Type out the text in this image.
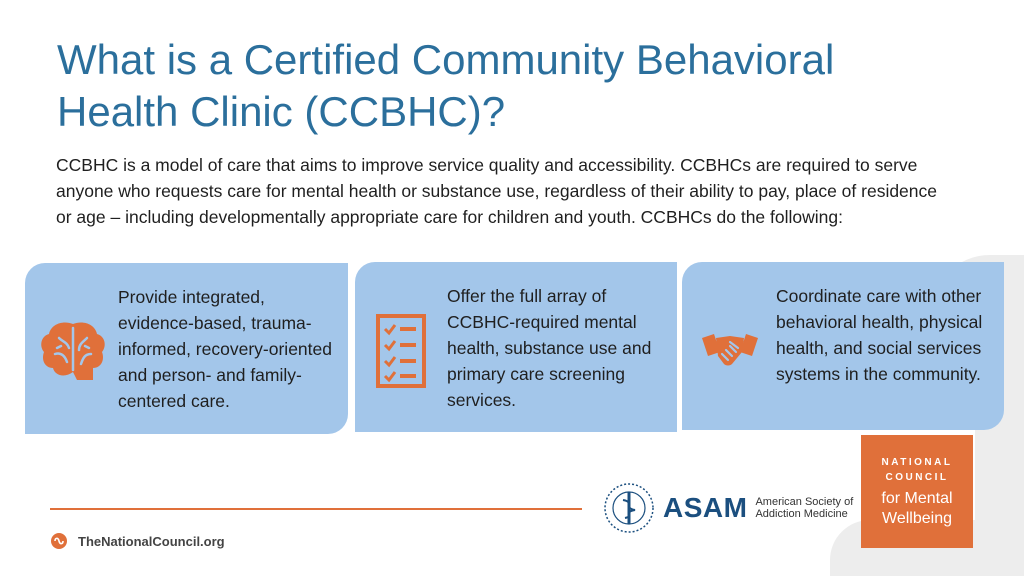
What is a Certified Community Behavioral
Health Clinic (CCBHC)?

CCBHC is a model of care that aims to improve service quality and accessibility. CCBHCs are required to serve anyone who requests care for mental health or substance use, regardless of their ability to pay, place of residence or age – including developmentally appropriate care for children and youth. CCBHCs do the following:

Provide integrated, evidence-based, trauma-informed, recovery-oriented and person- and family-centered care.
Offer the full array of CCBHC-required mental health, substance use and primary care screening services.
Coordinate care with other behavioral health, physical health, and social services systems in the community.
TheNationalCouncil.org
ASAM American Society of
Addiction Medicine
NATIONAL
COUNCIL
for Mental
Wellbeing
